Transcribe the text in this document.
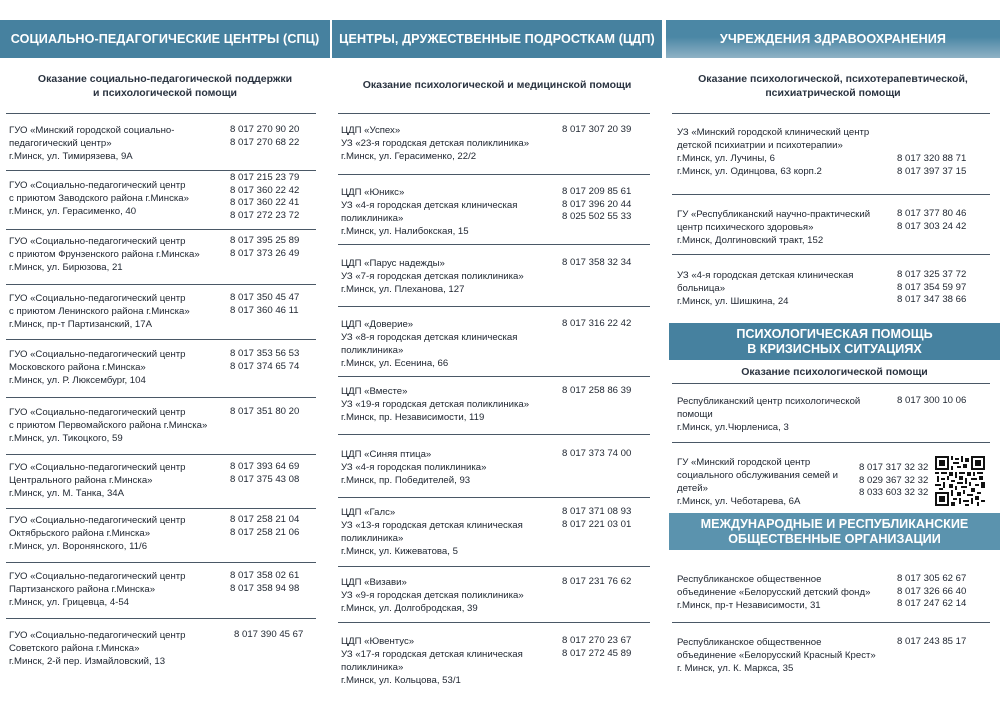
СОЦИАЛЬНО-ПЕДАГОГИЧЕСКИЕ ЦЕНТРЫ (СПЦ)
Оказание социально-педагогической поддержки
и психологической помощи
ГУО «Минский городской социально-
педагогический центр»
г.Минск, ул. Тимирязева, 9А
8 017 270 90 20
8 017 270 68 22
ГУО «Социально-педагогический центр
с приютом Заводского района г.Минска»
г.Минск, ул. Герасименко, 40
8 017 215 23 79
8 017 360 22 42
8 017 360 22 41
8 017 272 23 72
ГУО «Социально-педагогический центр
с приютом Фрунзенского района г.Минска»
г.Минск, ул. Бирюзова, 21
8 017 395 25 89
8 017 373 26 49
ГУО «Социально-педагогический центр
с приютом Ленинского района г.Минска»
г.Минск, пр-т Партизанский, 17А
8 017 350 45 47
8 017 360 46 11
ГУО «Социально-педагогический центр
Московского района г.Минска»
г.Минск, ул. Р. Люксембург, 104
8 017 353 56 53
8 017 374 65 74
ГУО «Социально-педагогический центр
с приютом Первомайского района г.Минска»
г.Минск, ул. Тикоцкого, 59
8 017 351 80 20
ГУО «Социально-педагогический центр
Центрального района г.Минска»
г.Минск, ул. М. Танка, 34А
8 017 393 64 69
8 017 375 43 08
ГУО «Социально-педагогический центр
Октябрьского района г.Минска»
г.Минск, ул. Воронянского, 11/6
8 017 258 21 04
8 017 258 21 06
ГУО «Социально-педагогический центр
Партизанского района г.Минска»
г.Минск, ул. Грицевца, 4-54
8 017 358 02 61
8 017 358 94 98
ГУО «Социально-педагогический центр
Советского района г.Минска»
г.Минск, 2-й пер. Измайловский, 13
8 017 390 45 67
ЦЕНТРЫ, ДРУЖЕСТВЕННЫЕ ПОДРОСТКАМ (ЦДП)
Оказание психологической и медицинской помощи
ЦДП «Успех»
УЗ «23-я городская детская поликлиника»
г.Минск, ул. Герасименко, 22/2
8 017 307 20 39
ЦДП «Юникс»
УЗ «4-я городская детская клиническая
поликлиника»
г.Минск, ул. Налибокская, 15
8 017 209 85 61
8 017 396 20 44
8 025 502 55 33
ЦДП «Парус надежды»
УЗ «7-я городская детская поликлиника»
г.Минск, ул. Плеханова, 127
8 017 358 32 34
ЦДП «Доверие»
УЗ «8-я городская детская клиническая
поликлиника»
г.Минск, ул. Есенина, 66
8 017 316 22 42
ЦДП «Вместе»
УЗ «19-я городская детская поликлиника»
г.Минск, пр. Независимости, 119
8 017 258 86 39
ЦДП «Синяя птица»
УЗ «4-я городская поликлиника»
г.Минск, пр. Победителей, 93
8 017 373 74 00
ЦДП «Галс»
УЗ «13-я городская детская клиническая
поликлиника»
г.Минск, ул. Кижеватова, 5
8 017 371 08 93
8 017 221 03 01
ЦДП «Визави»
УЗ «9-я городская детская поликлиника»
г.Минск, ул. Долгобродская, 39
8 017 231 76 62
ЦДП «Ювентус»
УЗ «17-я городская детская клиническая
поликлиника»
г.Минск, ул. Кольцова, 53/1
8 017 270 23 67
8 017 272 45 89
УЧРЕЖДЕНИЯ ЗДРАВООХРАНЕНИЯ
Оказание психологической, психотерапевтической,
психиатрической помощи
УЗ «Минский городской клинический центр
детской психиатрии и психотерапии»
г.Минск, ул. Лучины, 6
г.Минск, ул. Одинцова, 63 корп.2
8 017 320 88 71
8 017 397 37 15
ГУ «Республиканский научно-практический
центр психического здоровья»
г.Минск, Долгиновский тракт, 152
8 017 377 80 46
8 017 303 24 42
УЗ «4-я городская детская клиническая
больница»
г.Минск, ул. Шишкина, 24
8 017 325 37 72
8 017 354 59 97
8 017 347 38 66
ПСИХОЛОГИЧЕСКАЯ ПОМОЩЬ
В КРИЗИСНЫХ СИТУАЦИЯХ
Оказание психологической помощи
Республиканский центр психологической
помощи
г.Минск, ул.Чюрлениса, 3
8 017 300 10 06
ГУ «Минский городской центр
социального обслуживания семей и
детей»
г.Минск, ул. Чеботарева, 6А
8 017 317 32 32
8 029 367 32 32
8 033 603 32 32
МЕЖДУНАРОДНЫЕ И РЕСПУБЛИКАНСКИЕ
ОБЩЕСТВЕННЫЕ ОРГАНИЗАЦИИ
Республиканское общественное
объединение «Белорусский детский фонд»
г.Минск, пр-т Независимости, 31
8 017 305 62 67
8 017 326 66 40
8 017 247 62 14
Республиканское общественное
объединение «Белорусский Красный Крест»
г. Минск, ул. К. Маркса, 35
8 017 243 85 17
